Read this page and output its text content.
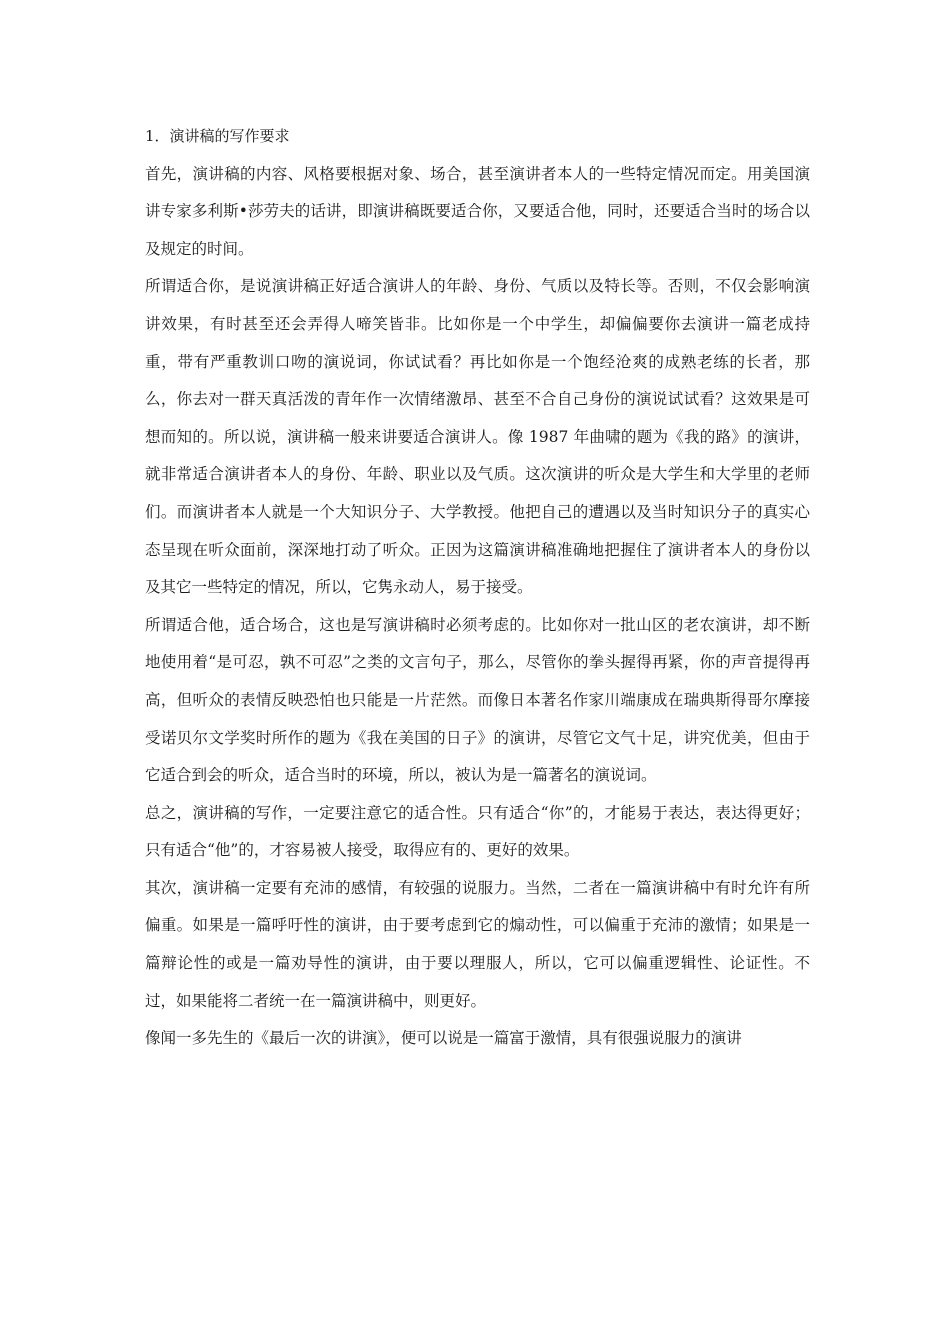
1．演讲稿的写作要求

首先，演讲稿的内容、风格要根据对象、场合，甚至演讲者本人的一些特定情况而定。用美国演讲专家多利斯•莎劳夫的话讲，即演讲稿既要适合你，又要适合他，同时，还要适合当时的场合以及规定的时间。

所谓适合你，是说演讲稿正好适合演讲人的年龄、身份、气质以及特长等。否则，不仅会影响演讲效果，有时甚至还会弄得人啼笑皆非。比如你是一个中学生，却偏偏要你去演讲一篇老成持重，带有严重教训口吻的演说词，你试试看？再比如你是一个饱经沧爽的成熟老练的长者，那么，你去对一群天真活泼的青年作一次情绪激昂、甚至不合自己身份的演说试试看？这效果是可想而知的。所以说，演讲稿一般来讲要适合演讲人。像 1987 年曲啸的题为《我的路》的演讲，就非常适合演讲者本人的身份、年龄、职业以及气质。这次演讲的听众是大学生和大学里的老师们。而演讲者本人就是一个大知识分子、大学教授。他把自己的遭遇以及当时知识分子的真实心态呈现在听众面前，深深地打动了听众。正因为这篇演讲稿准确地把握住了演讲者本人的身份以及其它一些特定的情况，所以，它隽永动人，易于接受。

所谓适合他，适合场合，这也是写演讲稿时必须考虑的。比如你对一批山区的老农演讲，却不断地使用着“是可忍，孰不可忍”之类的文言句子，那么，尽管你的拳头握得再紧，你的声音提得再高，但听众的表情反映恐怕也只能是一片茫然。而像日本著名作家川端康成在瑞典斯得哥尔摩接受诺贝尔文学奖时所作的题为《我在美国的日子》的演讲，尽管它文气十足，讲究优美，但由于它适合到会的听众，适合当时的环境，所以，被认为是一篇著名的演说词。

总之，演讲稿的写作，一定要注意它的适合性。只有适合“你”的，才能易于表达，表达得更好；只有适合“他”的，才容易被人接受，取得应有的、更好的效果。

其次，演讲稿一定要有充沛的感情，有较强的说服力。当然，二者在一篇演讲稿中有时允许有所偏重。如果是一篇呼吁性的演讲，由于要考虑到它的煽动性，可以偏重于充沛的激情；如果是一篇辩论性的或是一篇劝导性的演讲，由于要以理服人，所以，它可以偏重逻辑性、论证性。不过，如果能将二者统一在一篇演讲稿中，则更好。

像闻一多先生的《最后一次的讲演》，便可以说是一篇富于激情，具有很强说服力的演讲
